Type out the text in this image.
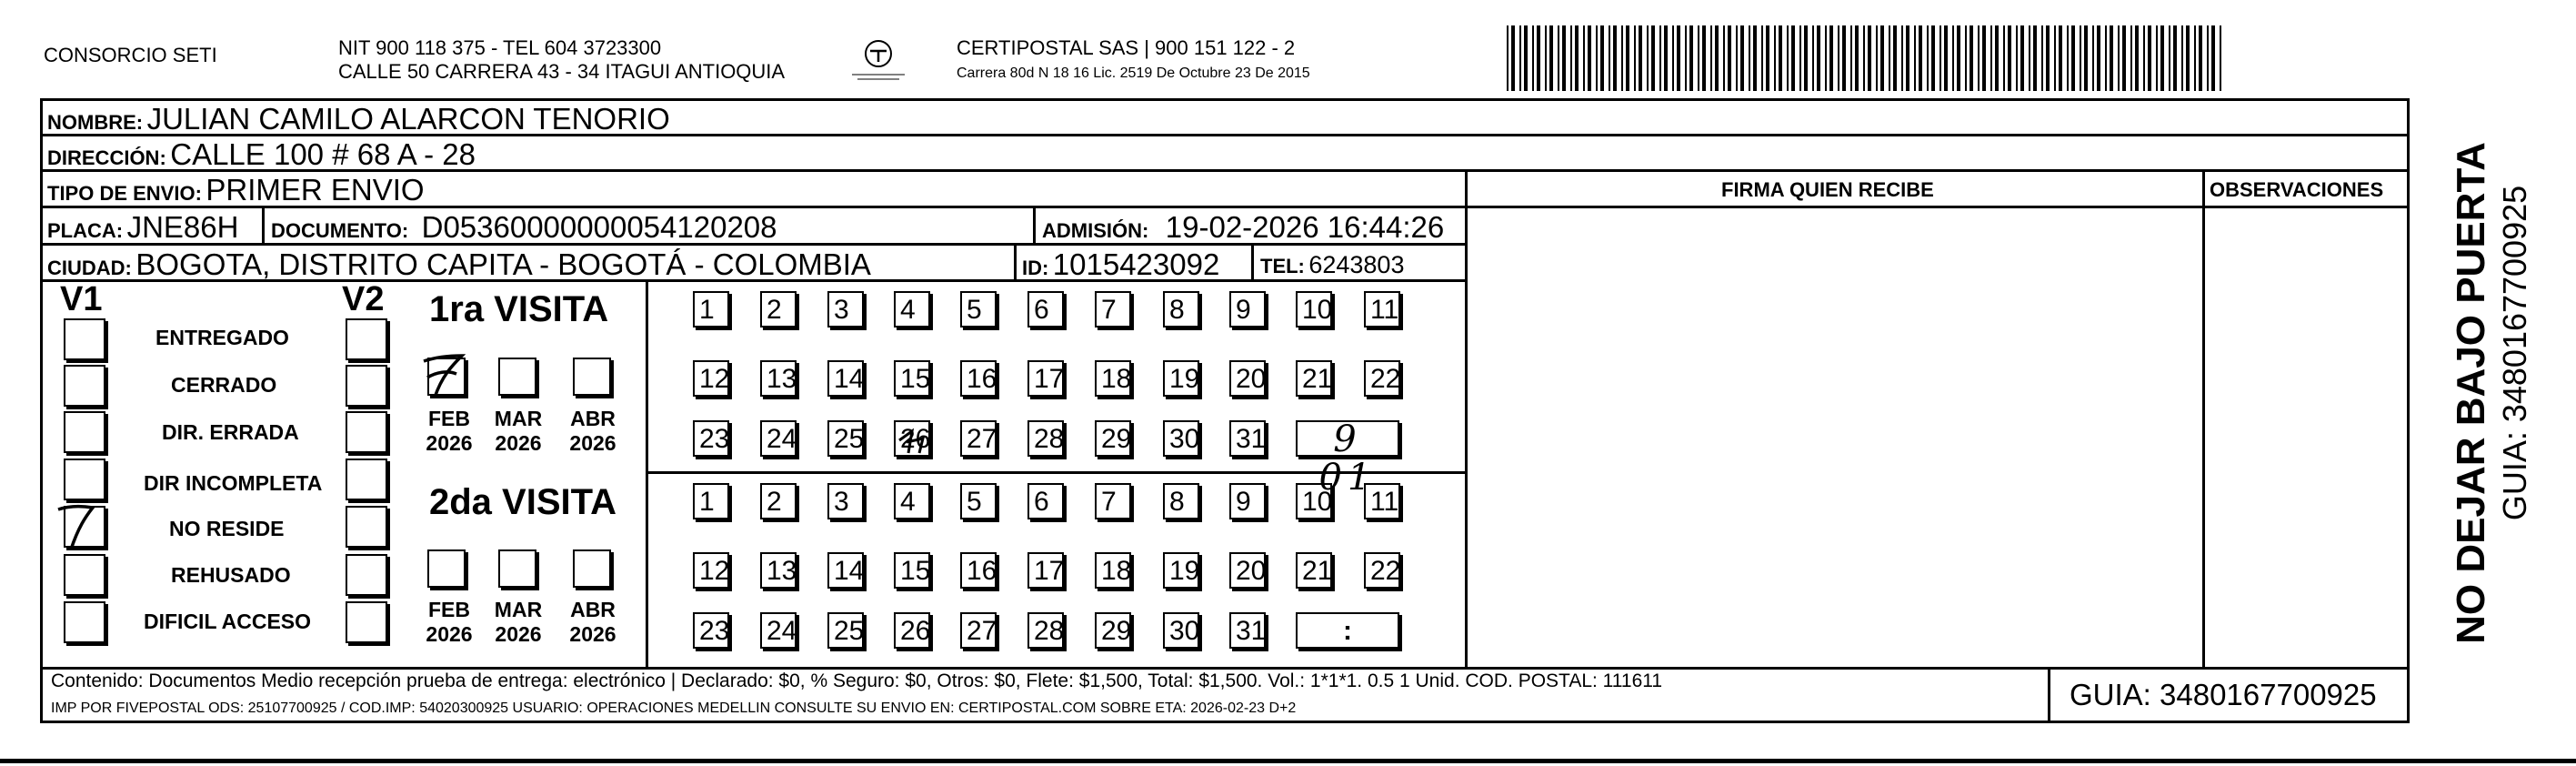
CONSORCIO SETI	NIT 900 118 375 - TEL 604 3723300
CALLE 50 CARRERA 43 - 34 ITAGUI ANTIOQUIA
CERTIPOSTAL SAS | 900 151 122 - 2
Carrera 80d N 18 16 Lic. 2519 De Octubre 23 De 2015
NOMBRE: JULIAN CAMILO ALARCON TENORIO
DIRECCIÓN: CALLE 100 # 68 A - 28
TIPO DE ENVIO: PRIMER ENVIO	FIRMA QUIEN RECIBE	OBSERVACIONES
PLACA: JNE86H DOCUMENTO: D05360000000054120208	ADMISIÓN: 19-02-2026 16:44:26
CIUDAD: BOGOTA, DISTRITO CAPITA - BOGOTÁ - COLOMBIA	ID: 1015423092 TEL: 6243803
V1	V2
ENTREGADO
CERRADO
DIR. ERRADA
DIR INCOMPLETA
NO RESIDE
REHUSADO
DIFICIL ACCESO
1ra VISITA
FEB
2026
MAR
2026
ABR
2026
1	2	3	4	5	6	7	8	9	10 11
12 13 14 15 16 17 18 19 20 21 22
23 24 25 26 27 28 29 30 31	9 01
2da VISITA
FEB
2026
MAR
2026
ABR
2026
1	2	3	4	5	6	7	8	9	10 11
12 13 14 15 16 17 18 19 20 21 22
23 24 25 26 27 28 29 30 31	:
Contenido: Documentos Medio recepción prueba de entrega: electrónico | Declarado: $0, % Seguro: $0, Otros: $0, Flete: $1,500, Total: $1,500. Vol.: 1*1*1. 0.5 1 Unid. COD. POSTAL: 111611
IMP POR FIVEPOSTAL ODS: 25107700925 / COD.IMP: 54020300925 USUARIO: OPERACIONES MEDELLIN CONSULTE SU ENVIO EN: CERTIPOSTAL.COM SOBRE ETA: 2026-02-23 D+2	GUIA: 3480167700925
NO DEJAR BAJO PUERTA GUIA: 3480167700925
